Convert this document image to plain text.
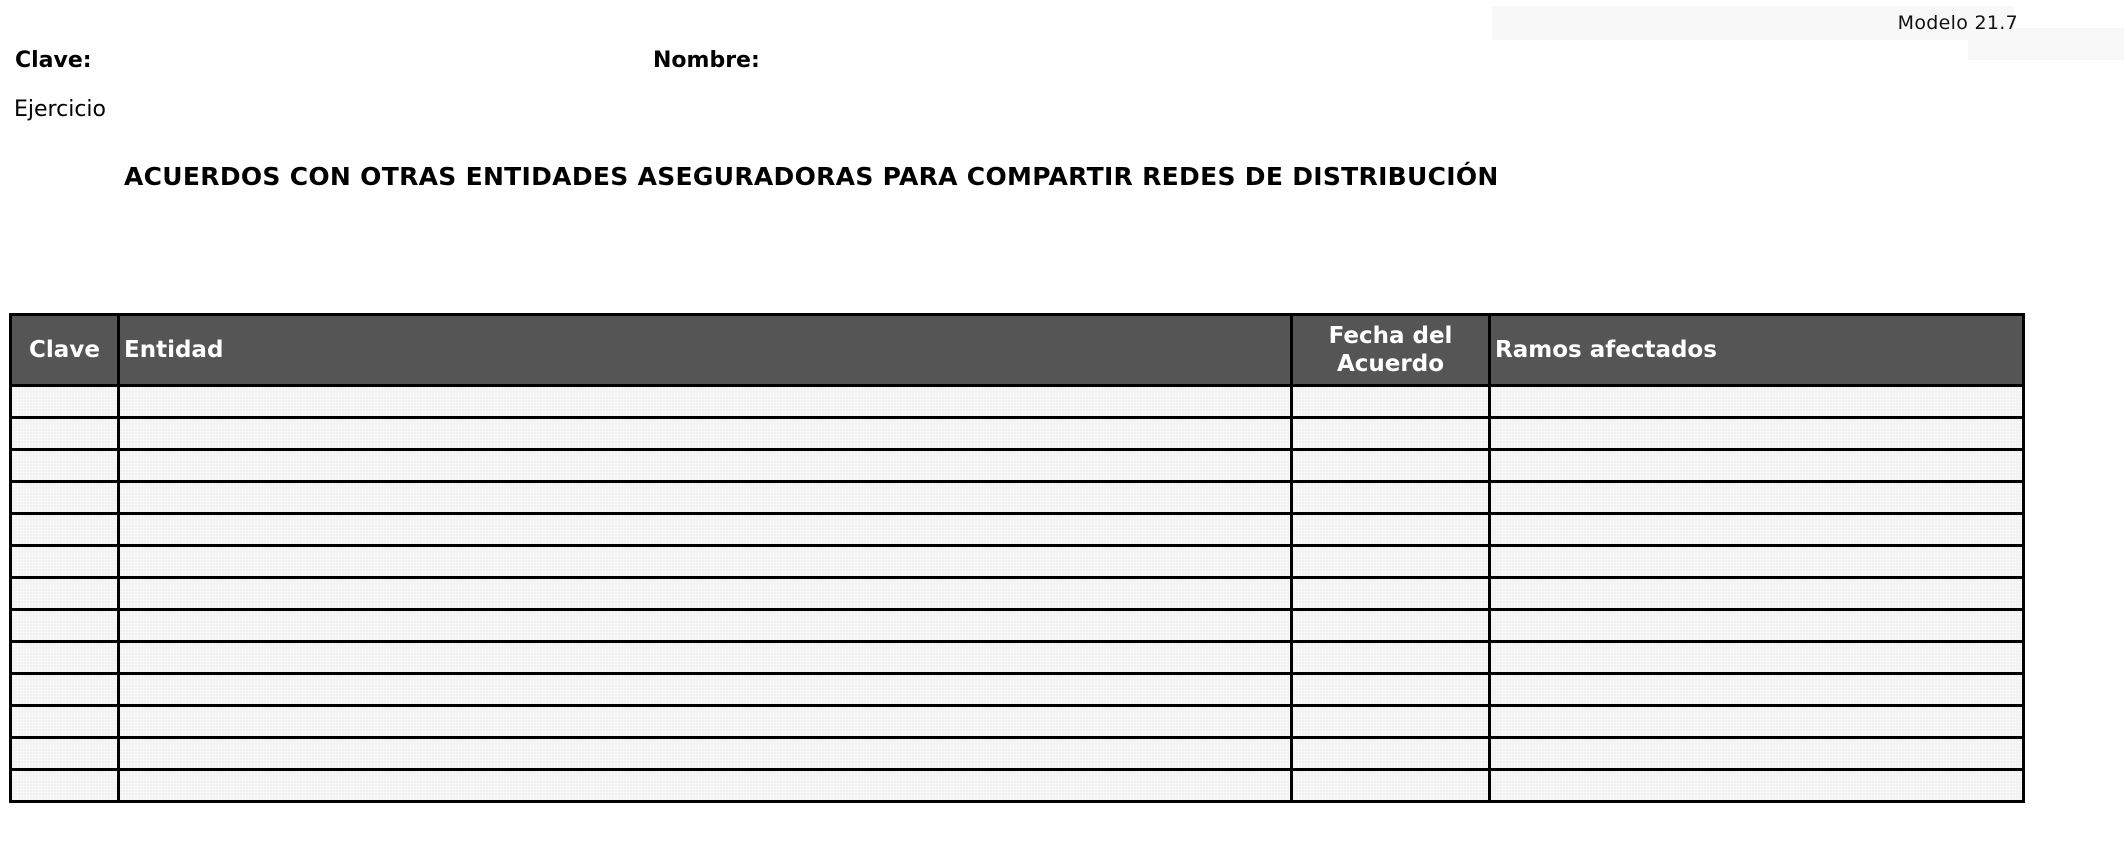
Modelo 21.7
Clave:	Nombre:
Ejercicio
ACUERDOS CON OTRAS ENTIDADES ASEGURADORAS PARA COMPARTIR REDES DE DISTRIBUCIÓN
Clave	Entidad	Fecha del Acuerdo	Ramos afectados
